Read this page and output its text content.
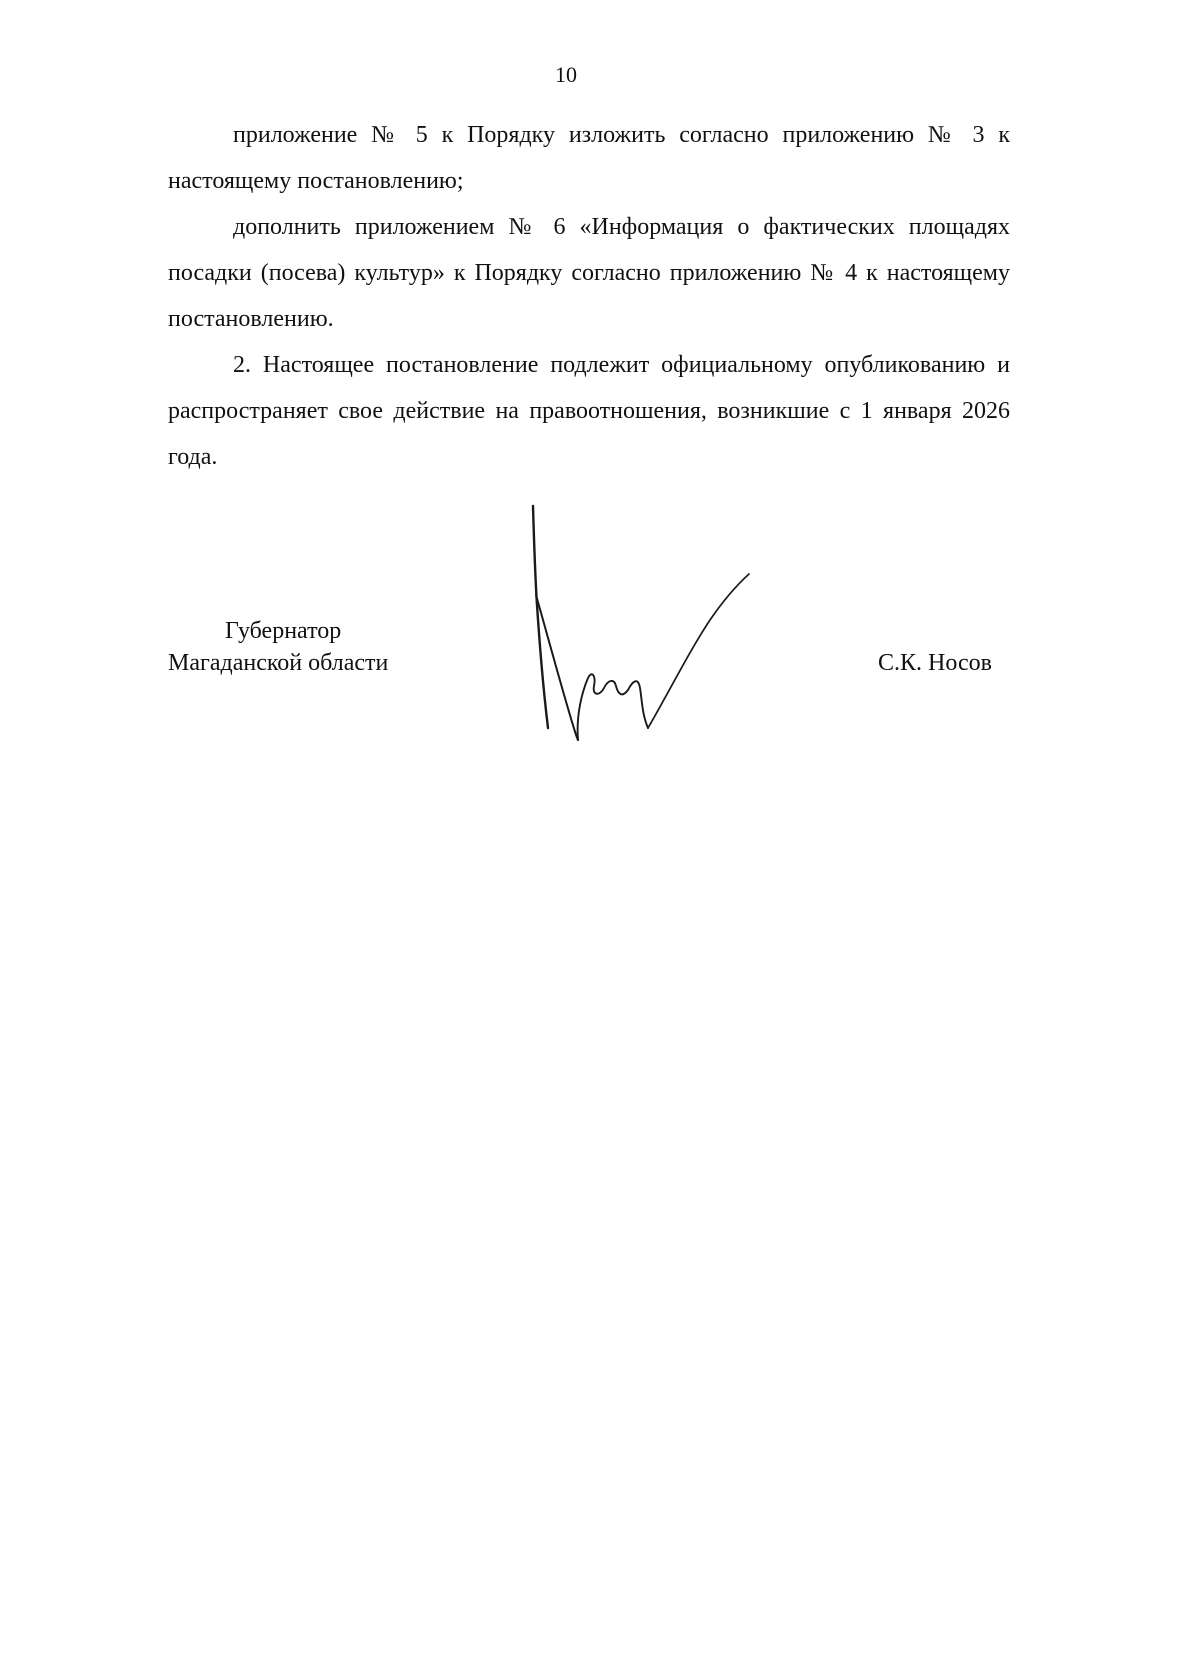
10

приложение № 5 к Порядку изложить согласно приложению № 3 к настоящему постановлению;

дополнить приложением № 6 «Информация о фактических площадях посадки (посева) культур» к Порядку согласно приложению № 4 к настоящему постановлению.

2. Настоящее постановление подлежит официальному опубликованию и распространяет свое действие на правоотношения, возникшие с 1 января 2026 года.

Губернатор
Магаданской области	С.К. Носов
